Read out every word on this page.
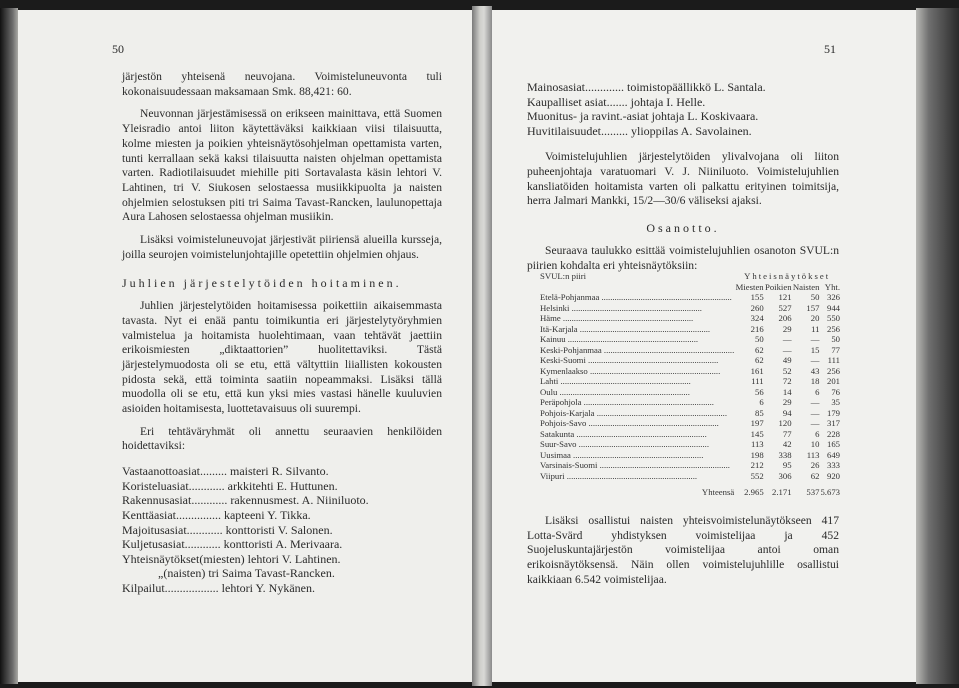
50

järjestön yhteisenä neuvojana. Voimisteluneuvonta tuli kokonaisuudessaan maksamaan Smk. 88,421: 60.

Neuvonnan järjestämisessä on erikseen mainittava, että Suomen Yleisradio antoi liiton käytettäväksi kaikkiaan viisi tilaisuutta, kolme miesten ja poikien yhteisnäytösohjelman opettamista varten, tunti kerrallaan sekä kaksi tilaisuutta naisten ohjelman opettamista varten. Radiotilaisuudet miehille piti Sortavalasta käsin lehtori V. Lahtinen, tri V. Siukosen selostaessa musiikkipuolta ja naisten ohjelmien selostuksen piti tri Saima Tavast-Rancken, laulunopettaja Aura Lahosen selostaessa ohjelman musiikin.

Lisäksi voimisteluneuvojat järjestivät piiriensä alueilla kursseja, joilla seurojen voimistelunjohtajille opetettiin ohjelmien ohjaus.

Juhlien järjestelytöiden hoitaminen.

Juhlien järjestelytöiden hoitamisessa poikettiin aikaisemmasta tavasta. Nyt ei enää pantu toimikuntia eri järjestelytyöryhmien valmistelua ja hoitamista huolehtimaan, vaan tehtävät jaettiin erikoismiesten „diktaattorien” huolitettaviksi. Tästä järjestelymuodosta oli se etu, että vältyttiin liiallisten kokousten pidosta sekä, että toiminta saatiin nopeammaksi. Lisäksi tällä muodolla oli se etu, että kun yksi mies vastasi hänelle kuuluvien asioiden hoitamisesta, luottetavaisuus oli suurempi.

Eri tehtäväryhmät oli annettu seuraavien henkilöiden hoidettaviksi:

Vastaanottoasiat ......... maisteri R. Silvanto.
Koristeluasiat ............ arkkitehti E. Huttunen.
Rakennusasiat ............ rakennusmest. A. Niiniluoto.
Kenttäasiat ............... kapteeni Y. Tikka.
Majoitusasiat ............ konttoristi V. Salonen.
Kuljetusasiat ............ konttoristi A. Merivaara.
Yhteisnäytökset (miesten) lehtori V. Lahtinen.
„ (naisten) tri Saima Tavast-Rancken.
Kilpailut .................. lehtori Y. Nykänen.
51
Mainosasiat ............. toimistopäällikkö L. Santala.
Kaupalliset asiat ....... johtaja I. Helle.
Muonitus- ja ravint.-asiat johtaja L. Koskivaara.
Huvitilaisuudet ......... ylioppilas A. Savolainen.

Voimistelujuhlien järjestelytöiden ylivalvojana oli liiton puheenjohtaja varatuomari V. J. Niiniluoto. Voimistelujuhlien kansliatöiden hoitamista varten oli palkattu erityinen toimitsija, herra Jalmari Mankki, 15/2—30/6 väliseksi ajaksi.

Osanotto.

Seuraava taulukko esittää voimistelujuhlien osanoton SVUL:n piirien kohdalta eri yhteisnäytöksiin:

SVUL:n piiri	Yhteisnäytökset			
	Miesten	Poikien	Naisten	Yht.
Etelä-Pohjanmaa ............................................................	155	121	50	326
Helsinki ............................................................	260	527	157	944
Häme ............................................................	324	206	20	550
Itä-Karjala ............................................................	216	29	11	256
Kainuu ............................................................	50	—	—	50
Keski-Pohjanmaa ............................................................	62	—	15	77
Keski-Suomi ............................................................	62	49	—	111
Kymenlaakso ............................................................	161	52	43	256
Lahti ............................................................	111	72	18	201
Oulu ............................................................	56	14	6	76
Peräpohjola ............................................................	6	29	—	35
Pohjois-Karjala ............................................................	85	94	—	179
Pohjois-Savo ............................................................	197	120	—	317
Satakunta ............................................................	145	77	6	228
Suur-Savo ............................................................	113	42	10	165
Uusimaa ............................................................	198	338	113	649
Varsinais-Suomi ............................................................	212	95	26	333
Viipuri ............................................................	552	306	62	920
Yhteensä	2.965	2.171	537	5.673

Lisäksi osallistui naisten yhteisvoimistelunäytökseen 417 Lotta-Svärd yhdistyksen voimistelijaa ja 452 Suojeluskuntajärjestön voimistelijaa antoi oman erikoisnäytöksensä. Näin ollen voimistelujuhlille osallistui kaikkiaan 6.542 voimistelijaa.
